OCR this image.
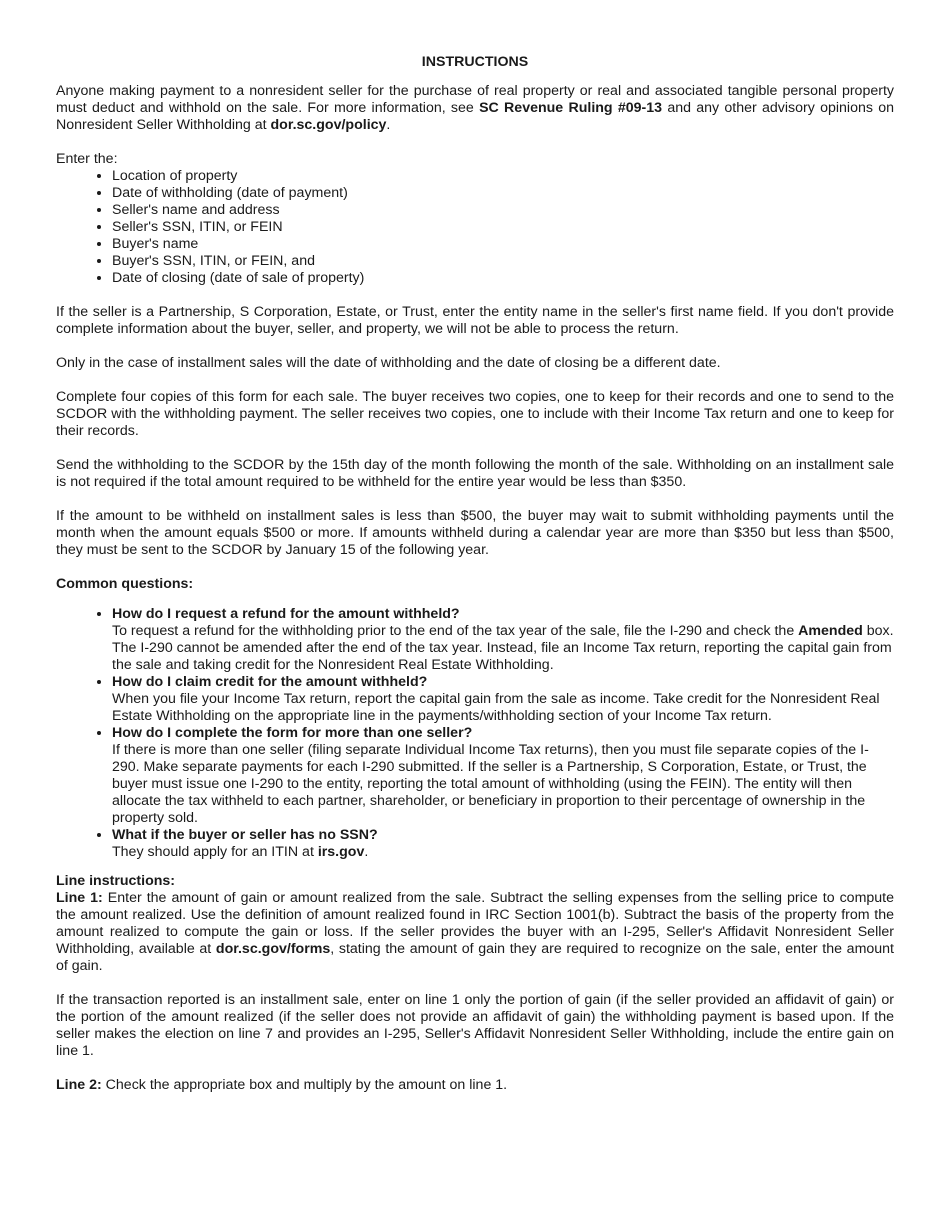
INSTRUCTIONS

Anyone making payment to a nonresident seller for the purchase of real property or real and associated tangible personal property must deduct and withhold on the sale. For more information, see SC Revenue Ruling #09-13 and any other advisory opinions on Nonresident Seller Withholding at dor.sc.gov/policy.

Enter the:

• Location of property
• Date of withholding (date of payment)
• Seller's name and address
• Seller's SSN, ITIN, or FEIN
• Buyer's name
• Buyer's SSN, ITIN, or FEIN, and
• Date of closing (date of sale of property)

If the seller is a Partnership, S Corporation, Estate, or Trust, enter the entity name in the seller's first name field. If you don't provide complete information about the buyer, seller, and property, we will not be able to process the return.

Only in the case of installment sales will the date of withholding and the date of closing be a different date.

Complete four copies of this form for each sale. The buyer receives two copies, one to keep for their records and one to send to the SCDOR with the withholding payment. The seller receives two copies, one to include with their Income Tax return and one to keep for their records.

Send the withholding to the SCDOR by the 15th day of the month following the month of the sale. Withholding on an installment sale is not required if the total amount required to be withheld for the entire year would be less than $350.

If the amount to be withheld on installment sales is less than $500, the buyer may wait to submit withholding payments until the month when the amount equals $500 or more. If amounts withheld during a calendar year are more than $350 but less than $500, they must be sent to the SCDOR by January 15 of the following year.

Common questions:

• How do I request a refund for the amount withheld?
To request a refund for the withholding prior to the end of the tax year of the sale, file the I-290 and check the Amended box. The I-290 cannot be amended after the end of the tax year. Instead, file an Income Tax return, reporting the capital gain from the sale and taking credit for the Nonresident Real Estate Withholding.
• How do I claim credit for the amount withheld?
When you file your Income Tax return, report the capital gain from the sale as income. Take credit for the Nonresident Real Estate Withholding on the appropriate line in the payments/withholding section of your Income Tax return.
• How do I complete the form for more than one seller?
If there is more than one seller (filing separate Individual Income Tax returns), then you must file separate copies of the I-290. Make separate payments for each I-290 submitted. If the seller is a Partnership, S Corporation, Estate, or Trust, the buyer must issue one I-290 to the entity, reporting the total amount of withholding (using the FEIN). The entity will then allocate the tax withheld to each partner, shareholder, or beneficiary in proportion to their percentage of ownership in the property sold.
• What if the buyer or seller has no SSN?
They should apply for an ITIN at irs.gov.

Line instructions:

Line 1: Enter the amount of gain or amount realized from the sale. Subtract the selling expenses from the selling price to compute the amount realized. Use the definition of amount realized found in IRC Section 1001(b). Subtract the basis of the property from the amount realized to compute the gain or loss. If the seller provides the buyer with an I-295, Seller's Affidavit Nonresident Seller Withholding, available at dor.sc.gov/forms, stating the amount of gain they are required to recognize on the sale, enter the amount of gain.

If the transaction reported is an installment sale, enter on line 1 only the portion of gain (if the seller provided an affidavit of gain) or the portion of the amount realized (if the seller does not provide an affidavit of gain) the withholding payment is based upon. If the seller makes the election on line 7 and provides an I-295, Seller's Affidavit Nonresident Seller Withholding, include the entire gain on line 1.

Line 2: Check the appropriate box and multiply by the amount on line 1.
